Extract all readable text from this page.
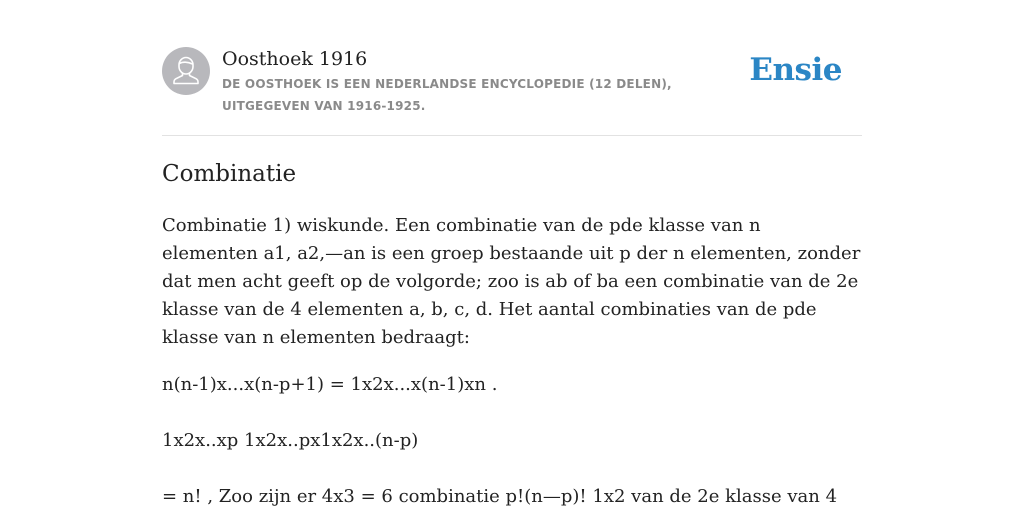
Oosthoek 1916
DE OOSTHOEK IS EEN NEDERLANDSE ENCYCLOPEDIE (12 DELEN), UITGEGEVEN VAN 1916-1925.
Ensie
Combinatie

Combinatie 1) wiskunde. Een combinatie van de pde klasse van n elementen a1, a2,—an is een groep bestaande uit p der n elementen, zonder dat men acht geeft op de volgorde; zoo is ab of ba een combinatie van de 2e klasse van de 4 elementen a, b, c, d. Het aantal combinaties van de pde klasse van n elementen bedraagt:

n(n-1)x...x(n-p+1) = 1x2x...x(n-1)xn .

1x2x..xp 1x2x..px1x2x..(n-p)

= n! , Zoo zijn er 4x3 = 6 combinatie p!(n—p)! 1x2 van de 2e klasse van 4
